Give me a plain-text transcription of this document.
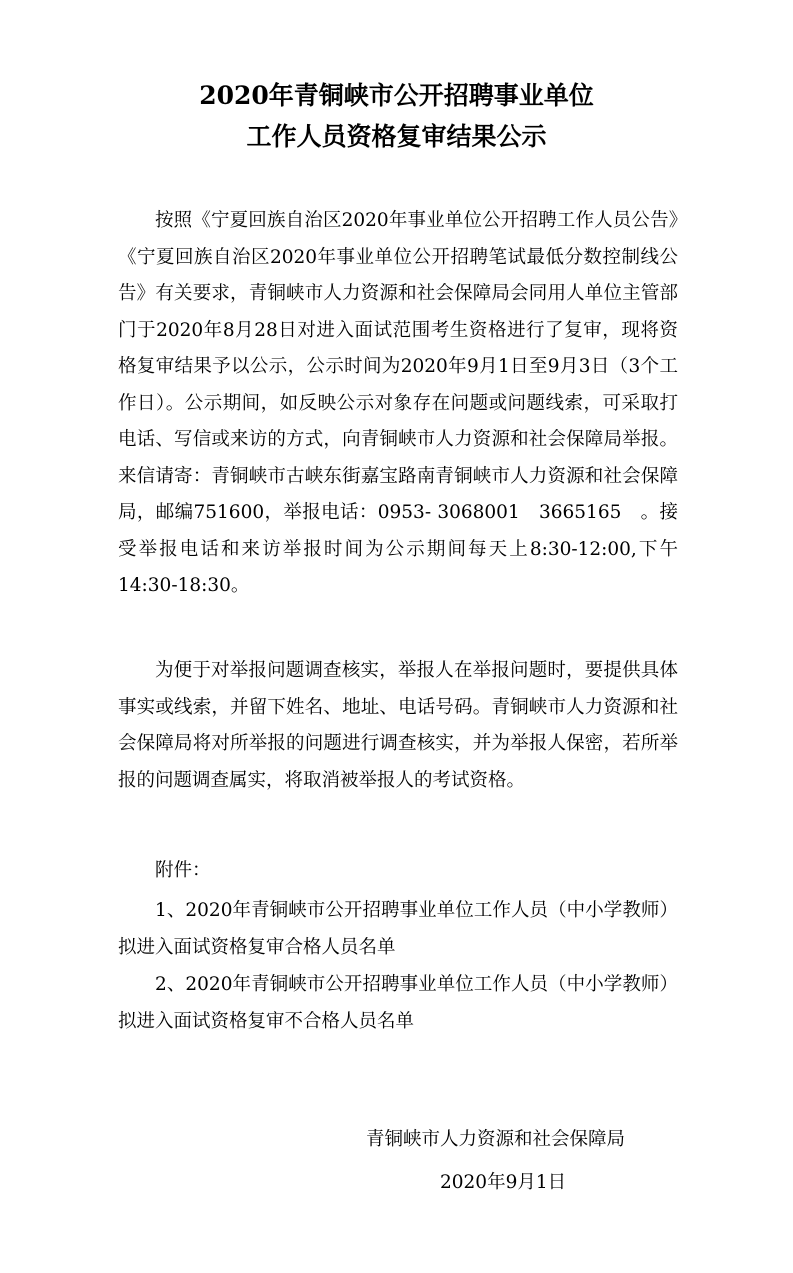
2020年青铜峡市公开招聘事业单位
工作人员资格复审结果公示

按照《宁夏回族自治区2020年事业单位公开招聘工作人员公告》《宁夏回族自治区2020年事业单位公开招聘笔试最低分数控制线公告》有关要求，青铜峡市人力资源和社会保障局会同用人单位主管部门于2020年8月28日对进入面试范围考生资格进行了复审，现将资格复审结果予以公示，公示时间为2020年9月1日至9月3日（3个工作日）。公示期间，如反映公示对象存在问题或问题线索，可采取打电话、写信或来访的方式，向青铜峡市人力资源和社会保障局举报。来信请寄：青铜峡市古峡东街嘉宝路南青铜峡市人力资源和社会保障局，邮编751600，举报电话：0953- 3068001　3665165　。接受举报电话和来访举报时间为公示期间每天上8:30-12:00,下午14:30-18:30。

为便于对举报问题调查核实，举报人在举报问题时，要提供具体事实或线索，并留下姓名、地址、电话号码。青铜峡市人力资源和社会保障局将对所举报的问题进行调查核实，并为举报人保密，若所举报的问题调查属实，将取消被举报人的考试资格。

附件：

1、2020年青铜峡市公开招聘事业单位工作人员（中小学教师）拟进入面试资格复审合格人员名单

2、2020年青铜峡市公开招聘事业单位工作人员（中小学教师）拟进入面试资格复审不合格人员名单

青铜峡市人力资源和社会保障局

2020年9月1日
